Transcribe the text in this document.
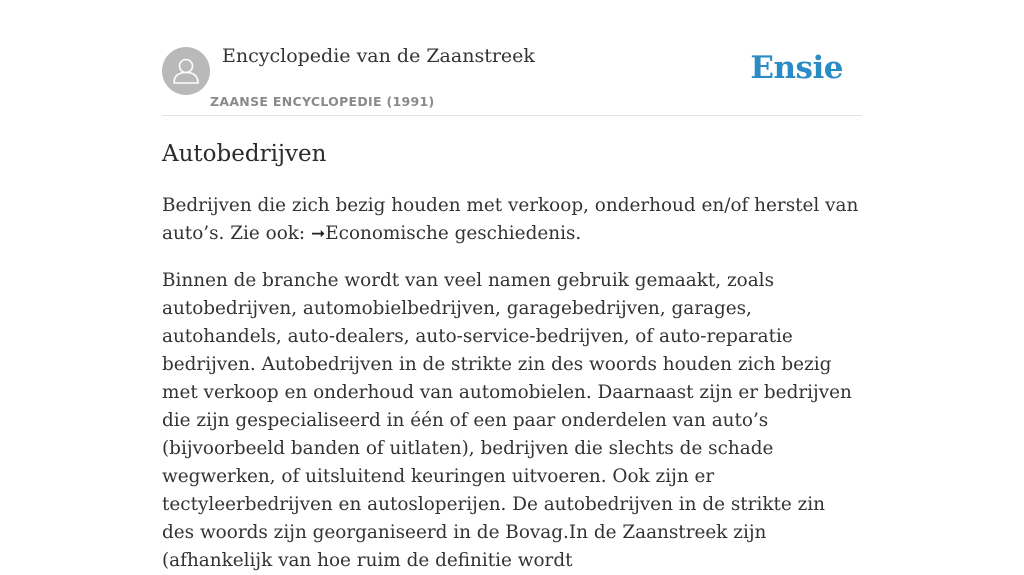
Encyclopedie van de Zaanstreek
ZAANSE ENCYCLOPEDIE (1991)
Ensie
Autobedrijven

Bedrijven die zich bezig houden met verkoop, onderhoud en/of herstel van auto’s. Zie ook: ➞Economische geschiedenis.

Binnen de branche wordt van veel namen gebruik gemaakt, zoals autobedrijven, automobielbedrijven, garagebedrijven, garages, autohandels, auto-dealers, auto-service-bedrijven, of auto-reparatie bedrijven. Autobedrijven in de strikte zin des woords houden zich bezig met verkoop en onderhoud van automobielen. Daarnaast zijn er bedrijven die zijn gespecialiseerd in één of een paar onderdelen van auto’s (bijvoorbeeld banden of uitlaten), bedrijven die slechts de schade wegwerken, of uitsluitend keuringen uitvoeren. Ook zijn er tectyleerbedrijven en autosloperijen. De autobedrijven in de strikte zin des woords zijn georganiseerd in de Bovag.In de Zaanstreek zijn (afhankelijk van hoe ruim de definitie wordt
